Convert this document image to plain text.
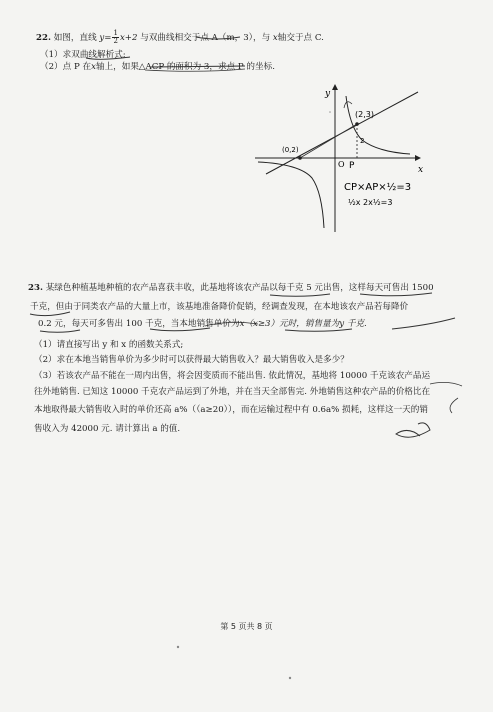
22. 如图，直线 $y= \frac{1}{2} x+2$ 与双曲线相交于点 A（m，3），与 x轴交于点 C.
（1）求双曲线解析式;
（2）点 P 在x轴上，如果△ACP 的面积为 3，求点 P 的坐标.
y
x
O P
(2,3)
(0,2)
2
CP×AP×½=3
½x 2x½=3
23. 某绿色种植基地种植的农产品喜获丰收，此基地将该农产品以每千克 5 元出售，这样每天可售出 1500
千克，但由于同类农产品的大量上市，该基地准备降价促销，经调查发现，在本地该农产品若每降价
0.2 元，每天可多售出 100 千克，当本地销售单价为x（x≥3）元时，销售量为y 千克.
（1）请直接写出 y 和 x 的函数关系式;
（2）求在本地当销售单价为多少时可以获得最大销售收入？最大销售收入是多少？
（3）若该农产品不能在一周内出售，将会因变质而不能出售. 依此情况，基地将 10000 千克该农产品运
往外地销售. 已知这 10000 千克农产品运到了外地，并在当天全部售完. 外地销售这种农产品的价格比在
本地取得最大销售收入时的单价还高 a%（（a≥20）），而在运输过程中有 0.6a% 损耗，这样这一天的销
售收入为 42000 元. 请计算出 a 的值.
第 5 页共 8 页
